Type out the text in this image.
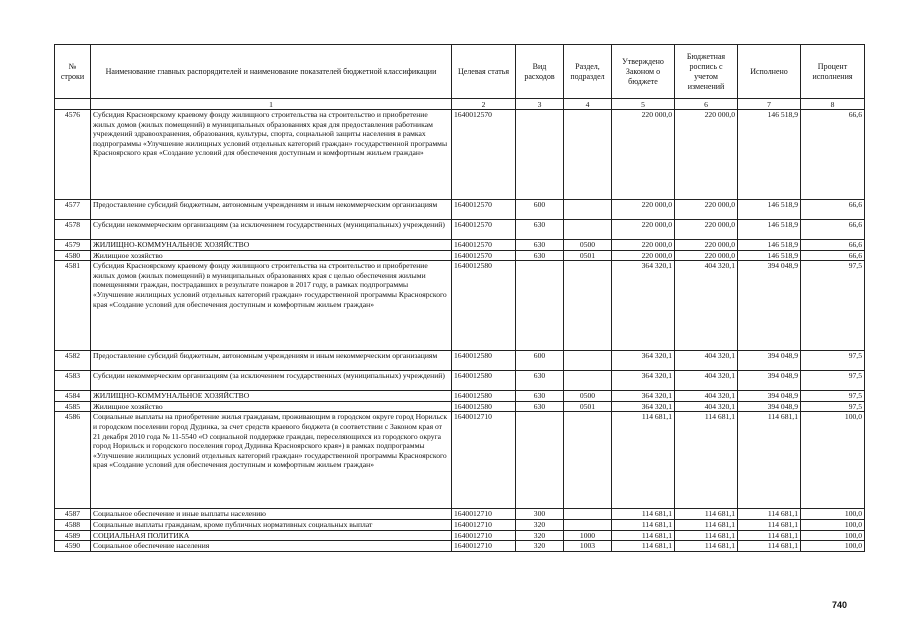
№ строки	Наименование главных распорядителей и наименование показателей бюджетной классификации	Целевая статья	Вид расходов	Раздел, подраздел	Утверждено Законом о бюджете	Бюджетная роспись с учетом изменений	Исполнено	Процент исполнения
	1	2	3	4	5	6	7	8
4576	Субсидия Красноярскому краевому фонду жилищного строительства на строительство и приобретение жилых домов (жилых помещений) в муниципальных образованиях края для предоставления работникам учреждений здравоохранения, образования, культуры, спорта, социальной защиты населения в рамках подпрограммы «Улучшение жилищных условий отдельных категорий граждан» государственной программы Красноярского края «Создание условий для обеспечения доступным и комфортным жильем граждан»	1640012570			220 000,0	220 000,0	146 518,9	66,6
4577	Предоставление субсидий бюджетным, автономным учреждениям и иным некоммерческим организациям	1640012570	600		220 000,0	220 000,0	146 518,9	66,6
4578	Субсидии некоммерческим организациям (за исключением государственных (муниципальных) учреждений)	1640012570	630		220 000,0	220 000,0	146 518,9	66,6
4579	ЖИЛИЩНО-КОММУНАЛЬНОЕ ХОЗЯЙСТВО	1640012570	630	0500	220 000,0	220 000,0	146 518,9	66,6
4580	Жилищное хозяйство	1640012570	630	0501	220 000,0	220 000,0	146 518,9	66,6
4581	Субсидия Красноярскому краевому фонду жилищного строительства на строительство и приобретение жилых домов (жилых помещений) в муниципальных образованиях края с целью обеспечения жилыми помещениями граждан, пострадавших в результате пожаров в 2017 году, в рамках подпрограммы «Улучшение жилищных условий отдельных категорий граждан» государственной программы Красноярского края «Создание условий для обеспечения доступным и комфортным жильем граждан»	1640012580			364 320,1	404 320,1	394 048,9	97,5
4582	Предоставление субсидий бюджетным, автономным учреждениям и иным некоммерческим организациям	1640012580	600		364 320,1	404 320,1	394 048,9	97,5
4583	Субсидии некоммерческим организациям (за исключением государственных (муниципальных) учреждений)	1640012580	630		364 320,1	404 320,1	394 048,9	97,5
4584	ЖИЛИЩНО-КОММУНАЛЬНОЕ ХОЗЯЙСТВО	1640012580	630	0500	364 320,1	404 320,1	394 048,9	97,5
4585	Жилищное хозяйство	1640012580	630	0501	364 320,1	404 320,1	394 048,9	97,5
4586	Социальные выплаты на приобретение жилья гражданам, проживающим в городском округе город Норильск и городском поселении город Дудинка, за счет средств краевого бюджета (в соответствии с Законом края от 21 декабря 2010 года № 11-5540 «О социальной поддержке граждан, переселяющихся из городского округа город Норильск и городского поселения город Дудинка Красноярского края») в рамках подпрограммы «Улучшение жилищных условий отдельных категорий граждан» государственной программы Красноярского края «Создание условий для обеспечения доступным и комфортным жильем граждан»	1640012710			114 681,1	114 681,1	114 681,1	100,0
4587	Социальное обеспечение и иные выплаты населению	1640012710	300		114 681,1	114 681,1	114 681,1	100,0
4588	Социальные выплаты гражданам, кроме публичных нормативных социальных выплат	1640012710	320		114 681,1	114 681,1	114 681,1	100,0
4589	СОЦИАЛЬНАЯ ПОЛИТИКА	1640012710	320	1000	114 681,1	114 681,1	114 681,1	100,0
4590	Социальное обеспечение населения	1640012710	320	1003	114 681,1	114 681,1	114 681,1	100,0
740
